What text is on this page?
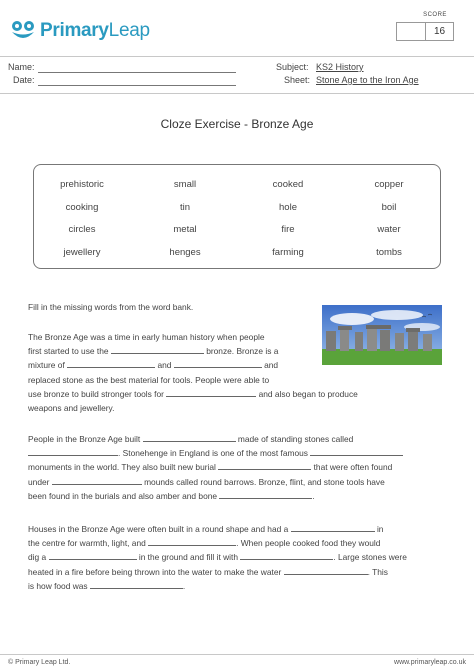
PrimaryLeap
SCORE
16
Name:
Date:
Subject: KS2 History
Sheet: Stone Age to the Iron Age
Cloze Exercise - Bronze Age
prehistoric	small	cooked	copper
cooking	tin	hole	boil
circles	metal	fire	water
jewellery	henges	farming	tombs
Fill in the missing words from the word bank.
The Bronze Age was a time in early human history when people
first started to use the	bronze. Bronze is a
mixture of	and	and
replaced stone as the best material for tools. People were able to
use bronze to build stronger tools for	and also began to produce
weapons and jewellery.
People in the Bronze Age built	made of standing stones called
. Stonehenge in England is one of the most famous
monuments in the world. They also built new burial	that were often found
under	mounds called round barrows. Bronze, flint, and stone tools have
been found in the burials and also amber and bone	.
Houses in the Bronze Age were often built in a round shape and had a	in
the centre for warmth, light, and	. When people cooked food they would
dig a	in the ground and fill it with	. Large stones were
heated in a fire before being thrown into the water to make the water	. This
is how food was	.
© Primary Leap Ltd.	www.primaryleap.co.uk
